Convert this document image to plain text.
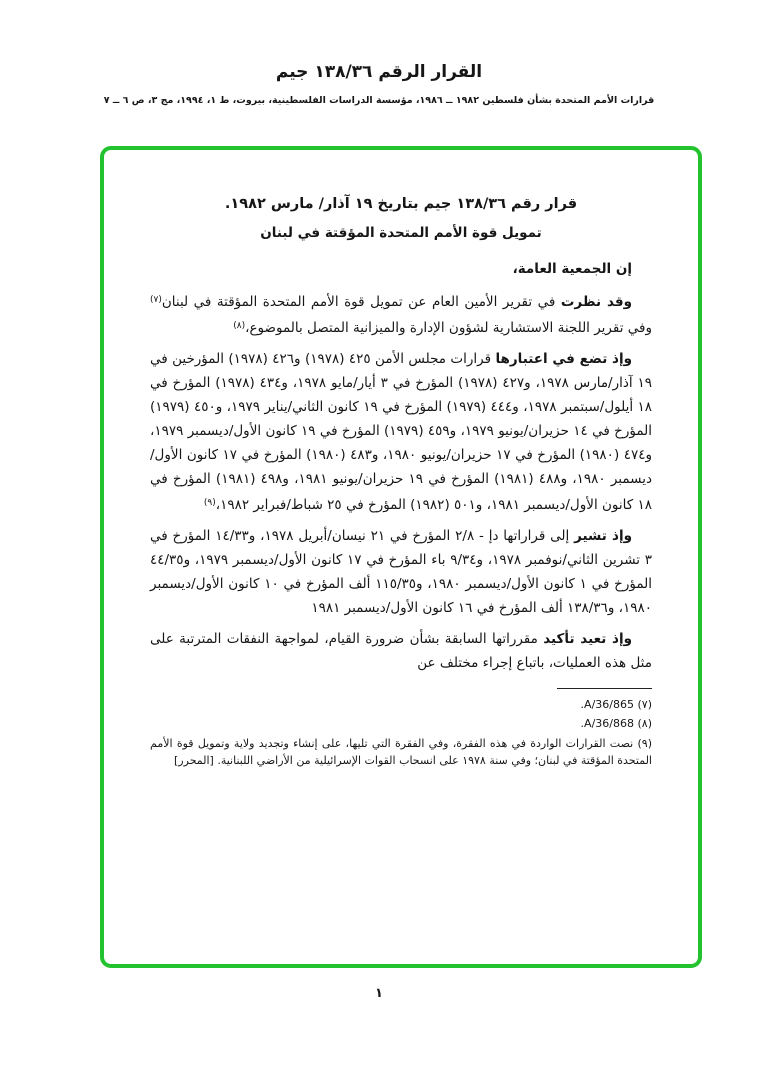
القرار الرقم ١٣٨/٣٦ جيم
قرارات الأمم المتحدة بشأن فلسطين ١٩٨٢ ــ ١٩٨٦، مؤسسة الدراسات الفلسطينية، بيروت، ط ١، ١٩٩٤، مج ٣، ص ٦ ــ ٧
قرار رقم ١٣٨/٣٦ جيم بتاريخ ١٩ آذار/ مارس ١٩٨٢.
تمويل قوة الأمم المتحدة المؤقتة في لبنان

إن الجمعية العامة،

وقد نظرت في تقرير الأمين العام عن تمويل قوة الأمم المتحدة المؤقتة في لبنان$^{(٧)}$ وفي تقرير اللجنة الاستشارية لشؤون الإدارة والميزانية المتصل بالموضوع،$^{(٨)}$

وإذ تضع في اعتبارها قرارات مجلس الأمن ٤٢٥ (١٩٧٨) و٤٢٦ (١٩٧٨) المؤرخين في ١٩ آذار/مارس ١٩٧٨، و٤٢٧ (١٩٧٨) المؤرخ في ٣ أيار/مايو ١٩٧٨، و٤٣٤ (١٩٧٨) المؤرخ في ١٨ أيلول/سبتمبر ١٩٧٨، و٤٤٤ (١٩٧٩) المؤرخ في ١٩ كانون الثاني/يناير ١٩٧٩، و٤٥٠ (١٩٧٩) المؤرخ في ١٤ حزيران/يونيو ١٩٧٩، و٤٥٩ (١٩٧٩) المؤرخ في ١٩ كانون الأول/ديسمبر ١٩٧٩، و٤٧٤ (١٩٨٠) المؤرخ في ١٧ حزيران/يونيو ١٩٨٠، و٤٨٣ (١٩٨٠) المؤرخ في ١٧ كانون الأول/ديسمبر ١٩٨٠، و٤٨٨ (١٩٨١) المؤرخ في ١٩ حزيران/يونيو ١٩٨١، و٤٩٨ (١٩٨١) المؤرخ في ١٨ كانون الأول/ديسمبر ١٩٨١، و٥٠١ (١٩٨٢) المؤرخ في ٢٥ شباط/فبراير ١٩٨٢،$^{(٩)}$

وإذ تشير إلى قراراتها دإ - ٢/٨ المؤرخ في ٢١ نيسان/أبريل ١٩٧٨، و١٤/٣٣ المؤرخ في ٣ تشرين الثاني/نوفمبر ١٩٧٨، و٩/٣٤ باء المؤرخ في ١٧ كانون الأول/ديسمبر ١٩٧٩، و٤٤/٣٥ المؤرخ في ١ كانون الأول/ديسمبر ١٩٨٠، و١١٥/٣٥ ألف المؤرخ في ١٠ كانون الأول/ديسمبر ١٩٨٠، و١٣٨/٣٦ ألف المؤرخ في ١٦ كانون الأول/ديسمبر ١٩٨١

وإذ تعيد تأكيد مقرراتها السابقة بشأن ضرورة القيام، لمواجهة النفقات المترتبة على مثل هذه العمليات، باتباع إجراء مختلف عن

(٧) A/36/865.
(٨) A/36/868.
(٩) نصت القرارات الواردة في هذه الفقرة، وفي الفقرة التي تليها، على إنشاء وتجديد ولاية وتمويل قوة الأمم المتحدة المؤقتة في لبنان؛ وفي سنة ١٩٧٨ على انسحاب القوات الإسرائيلية من الأراضي اللبنانية. [المحرر]
١
